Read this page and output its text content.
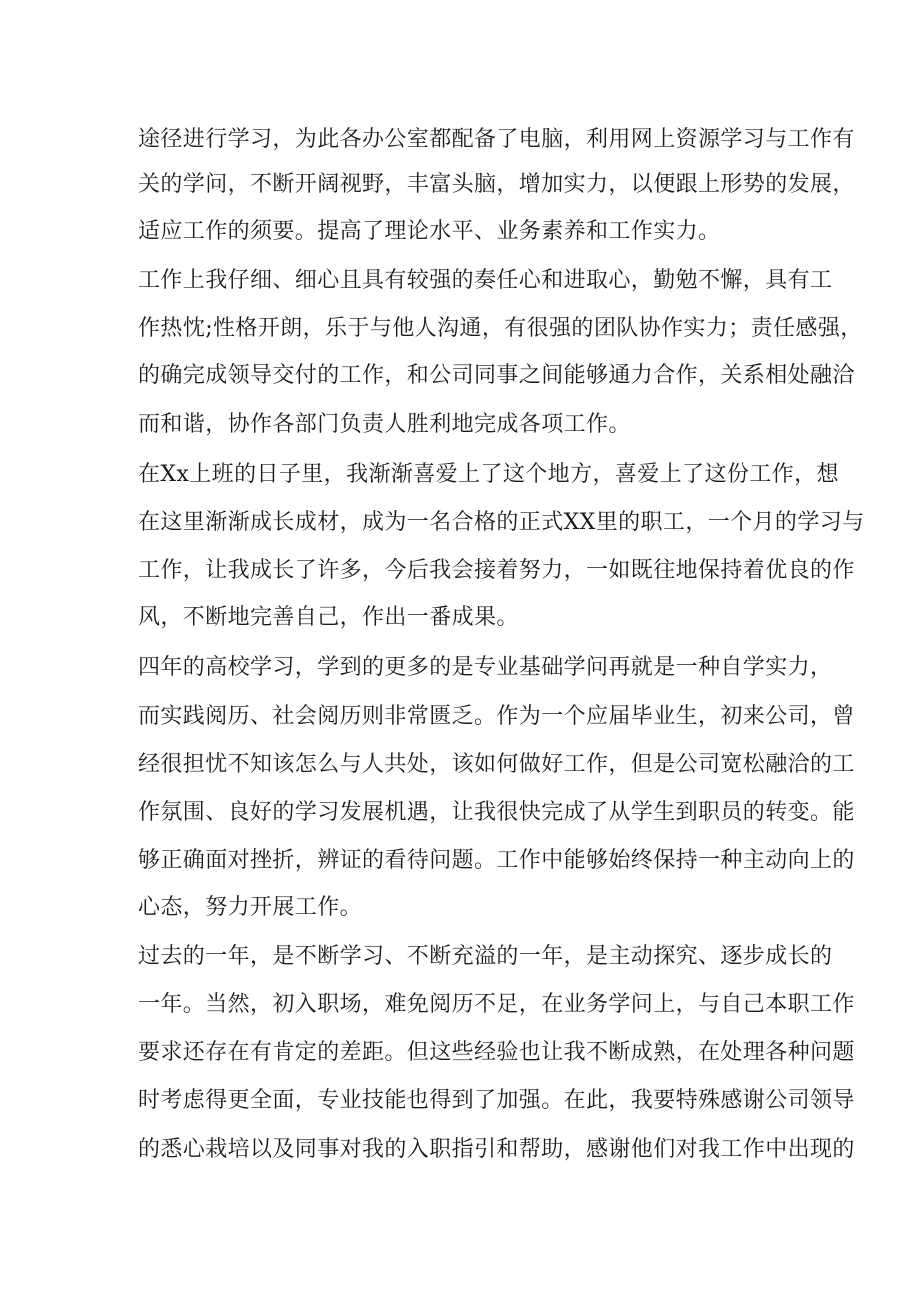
途径进行学习，为此各办公室都配备了电脑，利用网上资源学习与工作有
关的学问，不断开阔视野，丰富头脑，增加实力，以便跟上形势的发展，
适应工作的须要。提高了理论水平、业务素养和工作实力。
工作上我仔细、细心且具有较强的奏任心和进取心，勤勉不懈，具有工
作热忱;性格开朗，乐于与他人沟通，有很强的团队协作实力；责任感强，
的确完成领导交付的工作，和公司同事之间能够通力合作，关系相处融洽
而和谐，协作各部门负责人胜利地完成各项工作。
在Xx上班的日子里，我渐渐喜爱上了这个地方，喜爱上了这份工作，想
在这里渐渐成长成材，成为一名合格的正式XX里的职工，一个月的学习与
工作，让我成长了许多，今后我会接着努力，一如既往地保持着优良的作
风，不断地完善自己，作出一番成果。
四年的高校学习，学到的更多的是专业基础学问再就是一种自学实力，
而实践阅历、社会阅历则非常匮乏。作为一个应届毕业生，初来公司，曾
经很担忧不知该怎么与人共处，该如何做好工作，但是公司宽松融洽的工
作氛围、良好的学习发展机遇，让我很快完成了从学生到职员的转变。能
够正确面对挫折，辨证的看待问题。工作中能够始终保持一种主动向上的
心态，努力开展工作。
过去的一年，是不断学习、不断充溢的一年，是主动探究、逐步成长的
一年。当然，初入职场，难免阅历不足，在业务学问上，与自己本职工作
要求还存在有肯定的差距。但这些经验也让我不断成熟，在处理各种问题
时考虑得更全面，专业技能也得到了加强。在此，我要特殊感谢公司领导
的悉心栽培以及同事对我的入职指引和帮助，感谢他们对我工作中出现的
